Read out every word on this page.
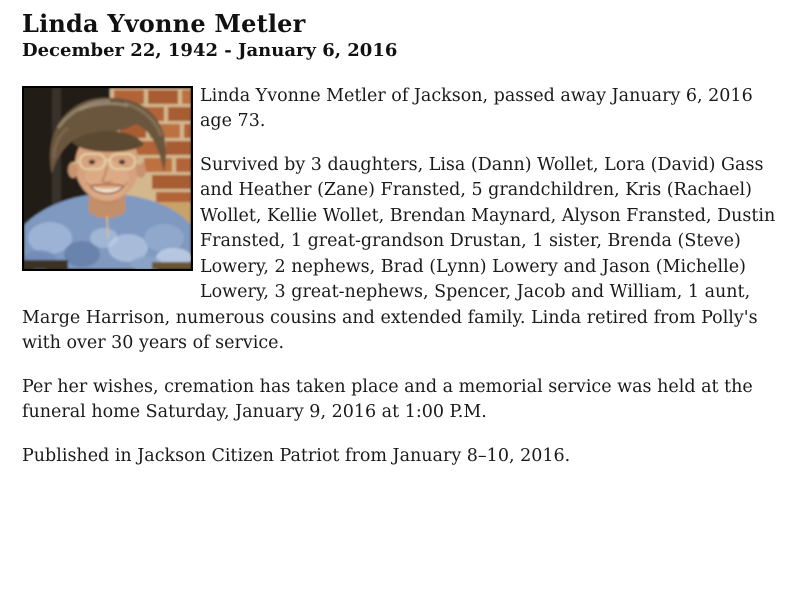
Linda Yvonne Metler
December 22, 1942 - January 6, 2016

Linda Yvonne Metler of Jackson, passed away January 6, 2016 age 73.

Survived by 3 daughters, Lisa (Dann) Wollet, Lora (David) Gass and Heather (Zane) Fransted, 5 grandchildren, Kris (Rachael) Wollet, Kellie Wollet, Brendan Maynard, Alyson Fransted, Dustin Fransted, 1 great-grandson Drustan, 1 sister, Brenda (Steve) Lowery, 2 nephews, Brad (Lynn) Lowery and Jason (Michelle) Lowery, 3 great-nephews, Spencer, Jacob and William, 1 aunt, Marge Harrison, numerous cousins and extended family. Linda retired from Polly's with over 30 years of service.

Per her wishes, cremation has taken place and a memorial service was held at the funeral home Saturday, January 9, 2016 at 1:00 P.M.

Published in Jackson Citizen Patriot from January 8–10, 2016.
